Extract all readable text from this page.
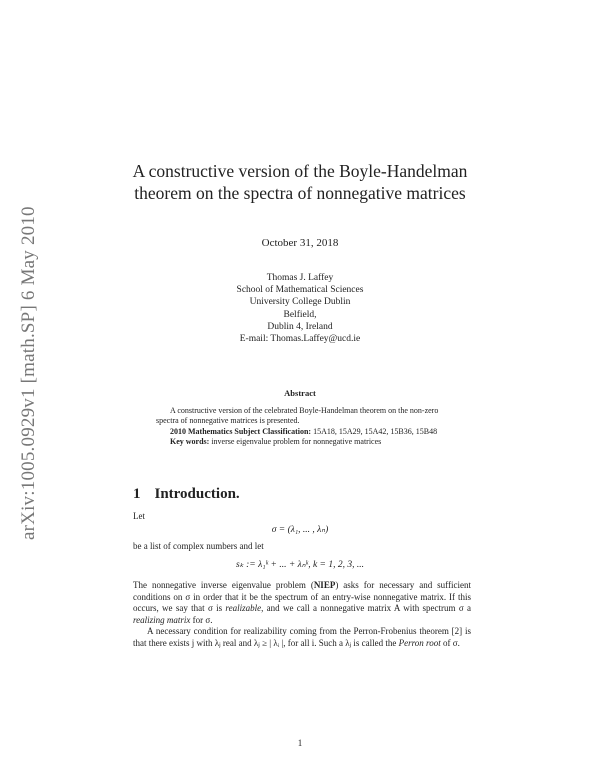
arXiv:1005.0929v1 [math.SP] 6 May 2010
A constructive version of the Boyle-Handelman
theorem on the spectra of nonnegative matrices
October 31, 2018
Thomas J. Laffey
School of Mathematical Sciences
University College Dublin
Belfield,
Dublin 4, Ireland
E-mail: Thomas.Laffey@ucd.ie
Abstract

A constructive version of the celebrated Boyle-Handelman theorem on the non-zero spectra of nonnegative matrices is presented.

2010 Mathematics Subject Classification: 15A18, 15A29, 15A42, 15B36, 15B48

Key words: inverse eigenvalue problem for nonnegative matrices

1 Introduction.
Let
σ = (λ₁, ... , λₙ)
be a list of complex numbers and let
sₖ := λ₁ᵏ + ... + λₙᵏ, k = 1, 2, 3, ...

The nonnegative inverse eigenvalue problem (NIEP) asks for necessary and sufficient conditions on σ in order that it be the spectrum of an entry-wise nonnegative matrix. If this occurs, we say that σ is realizable, and we call a nonnegative matrix A with spectrum σ a realizing matrix for σ.

A necessary condition for realizability coming from the Perron-Frobenius theorem [2] is that there exists j with λⱼ real and λⱼ ≥ | λᵢ |, for all i. Such a λⱼ is called the Perron root of σ.

1
